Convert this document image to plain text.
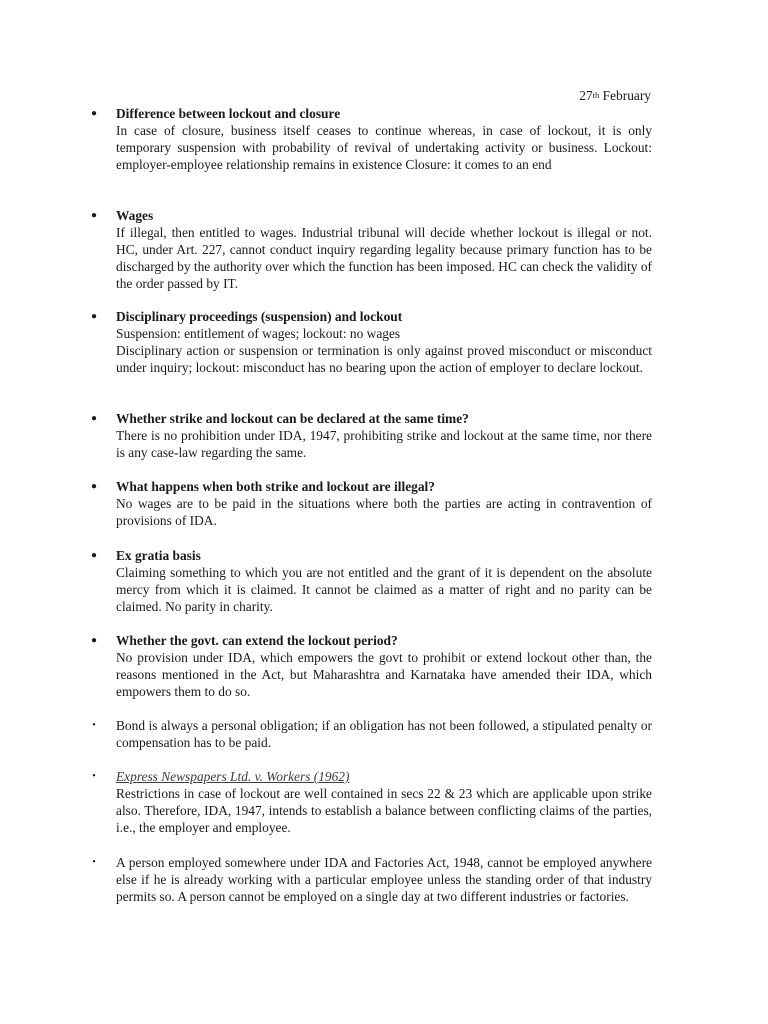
27th February
● Difference between lockout and closure

In case of closure, business itself ceases to continue whereas, in case of lockout, it is only temporary suspension with probability of revival of undertaking activity or business. Lockout: employer-employee relationship remains in existence Closure: it comes to an end

● Wages

If illegal, then entitled to wages. Industrial tribunal will decide whether lockout is illegal or not. HC, under Art. 227, cannot conduct inquiry regarding legality because primary function has to be discharged by the authority over which the function has been imposed. HC can check the validity of the order passed by IT.

● Disciplinary proceedings (suspension) and lockout

Suspension: entitlement of wages; lockout: no wages

Disciplinary action or suspension or termination is only against proved misconduct or misconduct under inquiry; lockout: misconduct has no bearing upon the action of employer to declare lockout.

● Whether strike and lockout can be declared at the same time?

There is no prohibition under IDA, 1947, prohibiting strike and lockout at the same time, nor there is any case-law regarding the same.

● What happens when both strike and lockout are illegal?

No wages are to be paid in the situations where both the parties are acting in contravention of provisions of IDA.

● Ex gratia basis

Claiming something to which you are not entitled and the grant of it is dependent on the absolute mercy from which it is claimed. It cannot be claimed as a matter of right and no parity can be claimed. No parity in charity.

● Whether the govt. can extend the lockout period?

No provision under IDA, which empowers the govt to prohibit or extend lockout other than, the reasons mentioned in the Act, but Maharashtra and Karnataka have amended their IDA, which empowers them to do so.

• Bond is always a personal obligation; if an obligation has not been followed, a stipulated penalty or compensation has to be paid.

• Express Newspapers Ltd. v. Workers (1962)

Restrictions in case of lockout are well contained in secs 22 & 23 which are applicable upon strike also. Therefore, IDA, 1947, intends to establish a balance between conflicting claims of the parties, i.e., the employer and employee.

• A person employed somewhere under IDA and Factories Act, 1948, cannot be employed anywhere else if he is already working with a particular employee unless the standing order of that industry permits so. A person cannot be employed on a single day at two different industries or factories.
